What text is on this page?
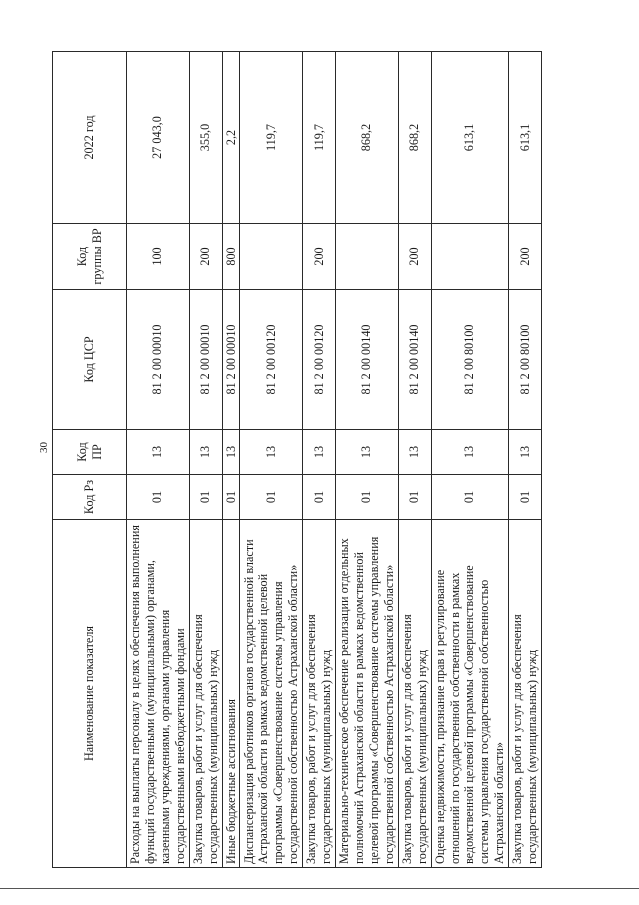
30
Наименование показателя	Код Рз	Код ПР	Код ЦСР	Код группы ВР	2022 год
Расходы на выплаты персоналу в целях обеспечения выполнения функций государственными (муниципальными) органами, казенными учреждениями, органами управления государственными внебюджетными фондами	01	13	81 2 00 00010	100	27 043,0
Закупка товаров, работ и услуг для обеспечения государственных (муниципальных) нужд	01	13	81 2 00 00010	200	355,0
Иные бюджетные ассигнования	01	13	81 2 00 00010	800	2,2
Диспансеризация работников органов государственной власти Астраханской области в рамках ведомственной целевой программы «Совершенствование системы управления государственной собственностью Астраханской области»	01	13	81 2 00 00120		119,7
Закупка товаров, работ и услуг для обеспечения государственных (муниципальных) нужд	01	13	81 2 00 00120	200	119,7
Материально-техническое обеспечение реализации отдельных полномочий Астраханской области в рамках ведомственной целевой программы «Совершенствование системы управления государственной собственностью Астраханской области»	01	13	81 2 00 00140		868,2
Закупка товаров, работ и услуг для обеспечения государственных (муниципальных) нужд	01	13	81 2 00 00140	200	868,2
Оценка недвижимости, признание прав и регулирование отношений по государственной собственности в рамках ведомственной целевой программы «Совершенствование системы управления государственной собственностью Астраханской области»	01	13	81 2 00 80100		613,1
Закупка товаров, работ и услуг для обеспечения государственных (муниципальных) нужд	01	13	81 2 00 80100	200	613,1
